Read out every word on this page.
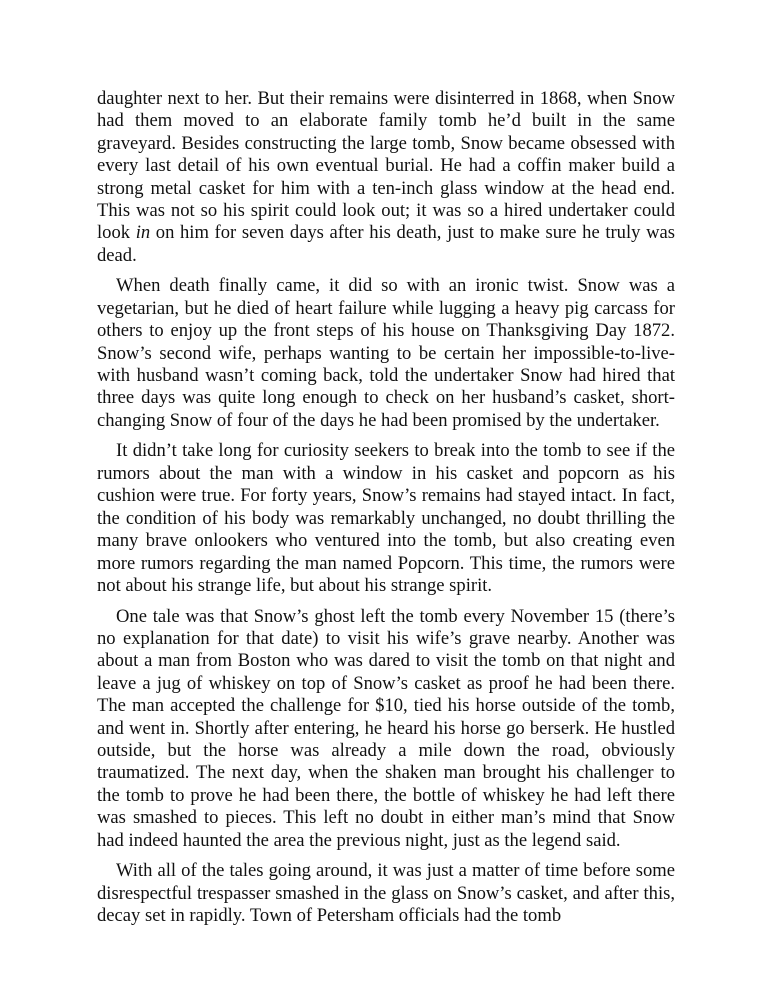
daughter next to her. But their remains were disinterred in 1868, when Snow had them moved to an elaborate family tomb he’d built in the same graveyard. Besides constructing the large tomb, Snow became obsessed with every last detail of his own eventual burial. He had a coffin maker build a strong metal casket for him with a ten-inch glass window at the head end. This was not so his spirit could look out; it was so a hired undertaker could look in on him for seven days after his death, just to make sure he truly was dead.

When death finally came, it did so with an ironic twist. Snow was a vegetarian, but he died of heart failure while lugging a heavy pig carcass for others to enjoy up the front steps of his house on Thanksgiving Day 1872. Snow’s second wife, perhaps wanting to be certain her impossible-to-live-with husband wasn’t coming back, told the undertaker Snow had hired that three days was quite long enough to check on her husband’s casket, short-changing Snow of four of the days he had been promised by the undertaker.

It didn’t take long for curiosity seekers to break into the tomb to see if the rumors about the man with a window in his casket and popcorn as his cushion were true. For forty years, Snow’s remains had stayed intact. In fact, the condition of his body was remarkably unchanged, no doubt thrilling the many brave onlookers who ventured into the tomb, but also creating even more rumors regarding the man named Popcorn. This time, the rumors were not about his strange life, but about his strange spirit.

One tale was that Snow’s ghost left the tomb every November 15 (there’s no explanation for that date) to visit his wife’s grave nearby. Another was about a man from Boston who was dared to visit the tomb on that night and leave a jug of whiskey on top of Snow’s casket as proof he had been there. The man accepted the challenge for $10, tied his horse outside of the tomb, and went in. Shortly after entering, he heard his horse go berserk. He hustled outside, but the horse was already a mile down the road, obviously traumatized. The next day, when the shaken man brought his challenger to the tomb to prove he had been there, the bottle of whiskey he had left there was smashed to pieces. This left no doubt in either man’s mind that Snow had indeed haunted the area the previous night, just as the legend said.

With all of the tales going around, it was just a matter of time before some disrespectful trespasser smashed in the glass on Snow’s casket, and after this, decay set in rapidly. Town of Petersham officials had the tomb
